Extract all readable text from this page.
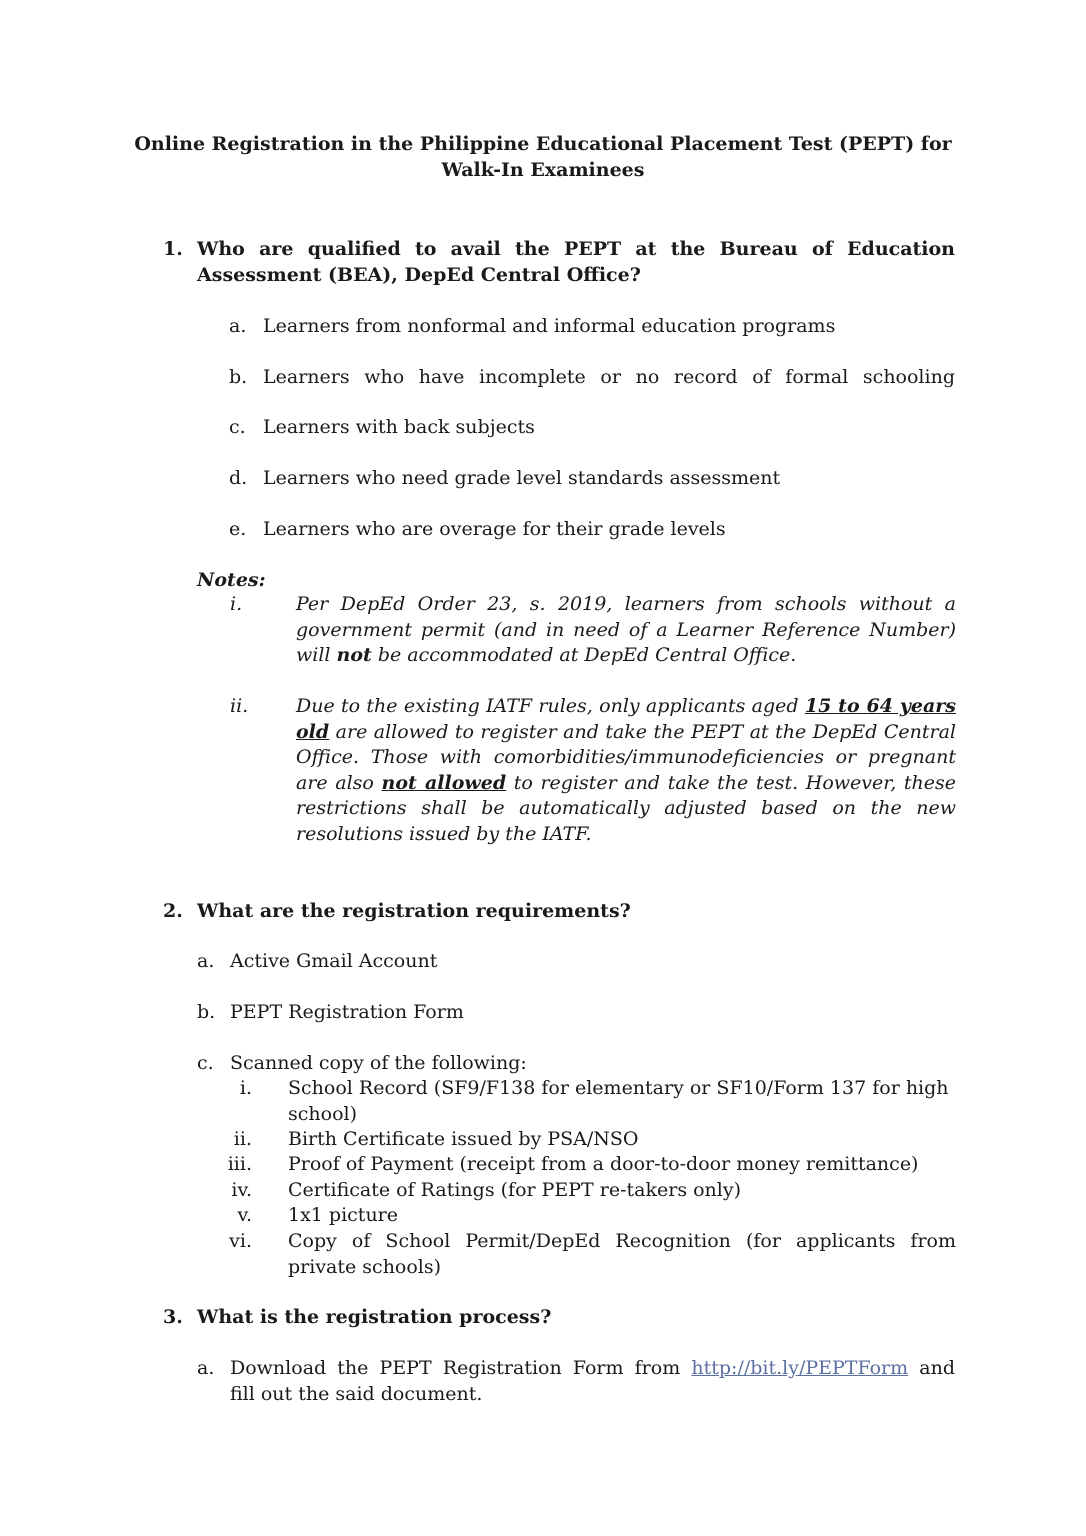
Online Registration in the Philippine Educational Placement Test (PEPT) for
Walk-In Examinees
1. Who are qualified to avail the PEPT at the Bureau of Education
Assessment (BEA), DepEd Central Office?
a. Learners from nonformal and informal education programs
b. Learners who have incomplete or no record of formal schooling
c. Learners with back subjects
d. Learners who need grade level standards assessment
e. Learners who are overage for their grade levels
Notes:
i.	Per DepEd Order 23, s. 2019, learners from schools without a government permit (and in need of a Learner Reference Number) will not be accommodated at DepEd Central Office.
ii.	Due to the existing IATF rules, only applicants aged 15 to 64 years old are allowed to register and take the PEPT at the DepEd Central Office. Those with comorbidities/immunodeficiencies or pregnant are also not allowed to register and take the test. However, these restrictions shall be automatically adjusted based on the new resolutions issued by the IATF.
2. What are the registration requirements?
a. Active Gmail Account
b. PEPT Registration Form
c. Scanned copy of the following:
i. School Record (SF9/F138 for elementary or SF10/Form 137 for high
school)
ii. Birth Certificate issued by PSA/NSO
iii. Proof of Payment (receipt from a door-to-door money remittance)
iv. Certificate of Ratings (for PEPT re-takers only)
v. 1x1 picture
vi. Copy of School Permit/DepEd Recognition (for applicants from
private schools)
3. What is the registration process?
a. Download the PEPT Registration Form from http://bit.ly/PEPTForm and
fill out the said document.
